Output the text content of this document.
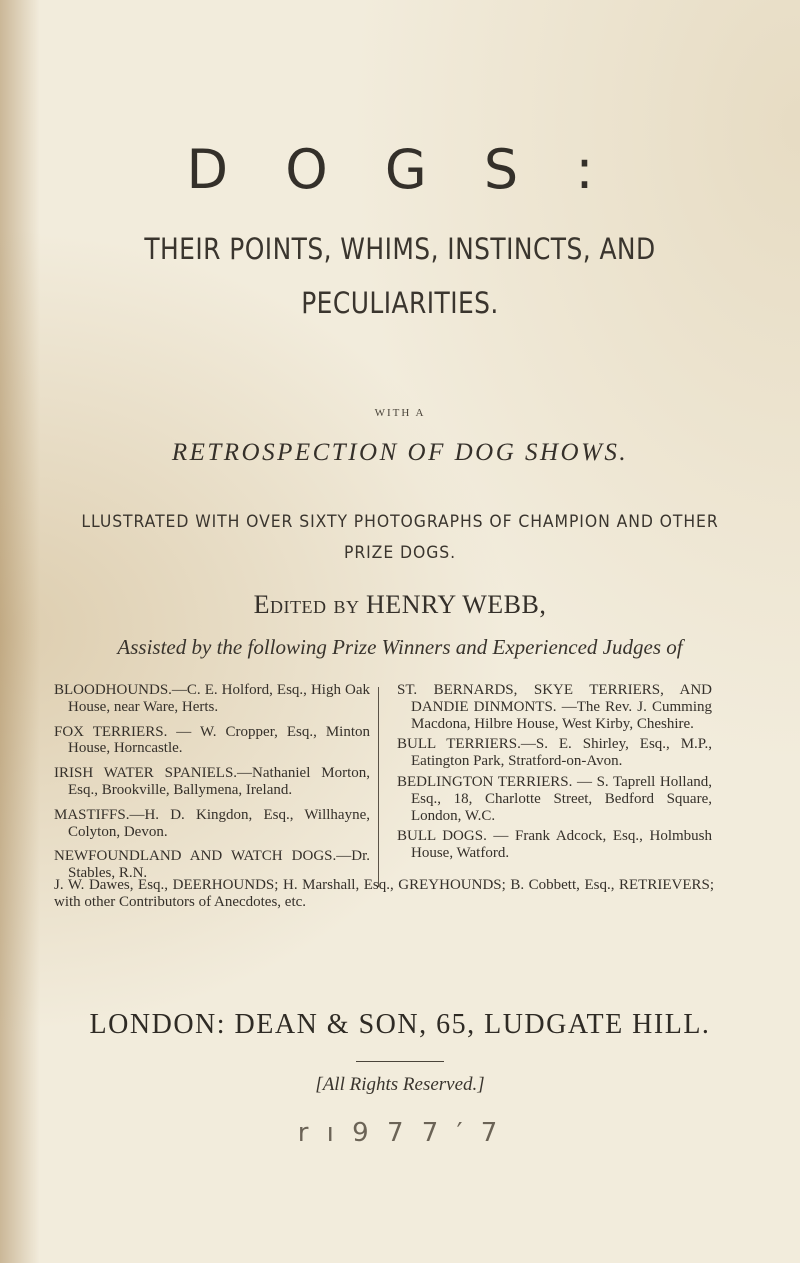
D O G S :
THEIR POINTS, WHIMS, INSTINCTS, AND
PECULIARITIES.
WITH A
RETROSPECTION OF DOG SHOWS.
LLUSTRATED WITH OVER SIXTY PHOTOGRAPHS OF CHAMPION AND OTHER
PRIZE DOGS.
Edited by HENRY WEBB,
Assisted by the following Prize Winners and Experienced Judges of

BLOODHOUNDS.—C. E. Holford, Esq., High Oak House, near Ware, Herts.

FOX TERRIERS. — W. Cropper, Esq., Minton House, Horncastle.

IRISH WATER SPANIELS.—Nathaniel Morton, Esq., Brookville, Ballymena, Ireland.

MASTIFFS.—H. D. Kingdon, Esq., Willhayne, Colyton, Devon.

NEWFOUNDLAND AND WATCH DOGS.—Dr. Stables, R.N.

ST. BERNARDS, SKYE TERRIERS, AND DANDIE DINMONTS. —The Rev. J. Cumming Macdona, Hilbre House, West Kirby, Cheshire.

BULL TERRIERS.—S. E. Shirley, Esq., M.P., Eatington Park, Stratford-on-Avon.

BEDLINGTON TERRIERS. — S. Taprell Holland, Esq., 18, Charlotte Street, Bedford Square, London, W.C.

BULL DOGS. — Frank Adcock, Esq., Holmbush House, Watford.

J. W. Dawes, Esq., DEERHOUNDS; H. Marshall, Esq., GREYHOUNDS; B. Cobbett, Esq., RETRIEVERS; with other Contributors of Anecdotes, etc.
LONDON: DEAN & SON, 65, LUDGATE HILL.
[All Rights Reserved.]
r ı 9 7 7 ′ 7
